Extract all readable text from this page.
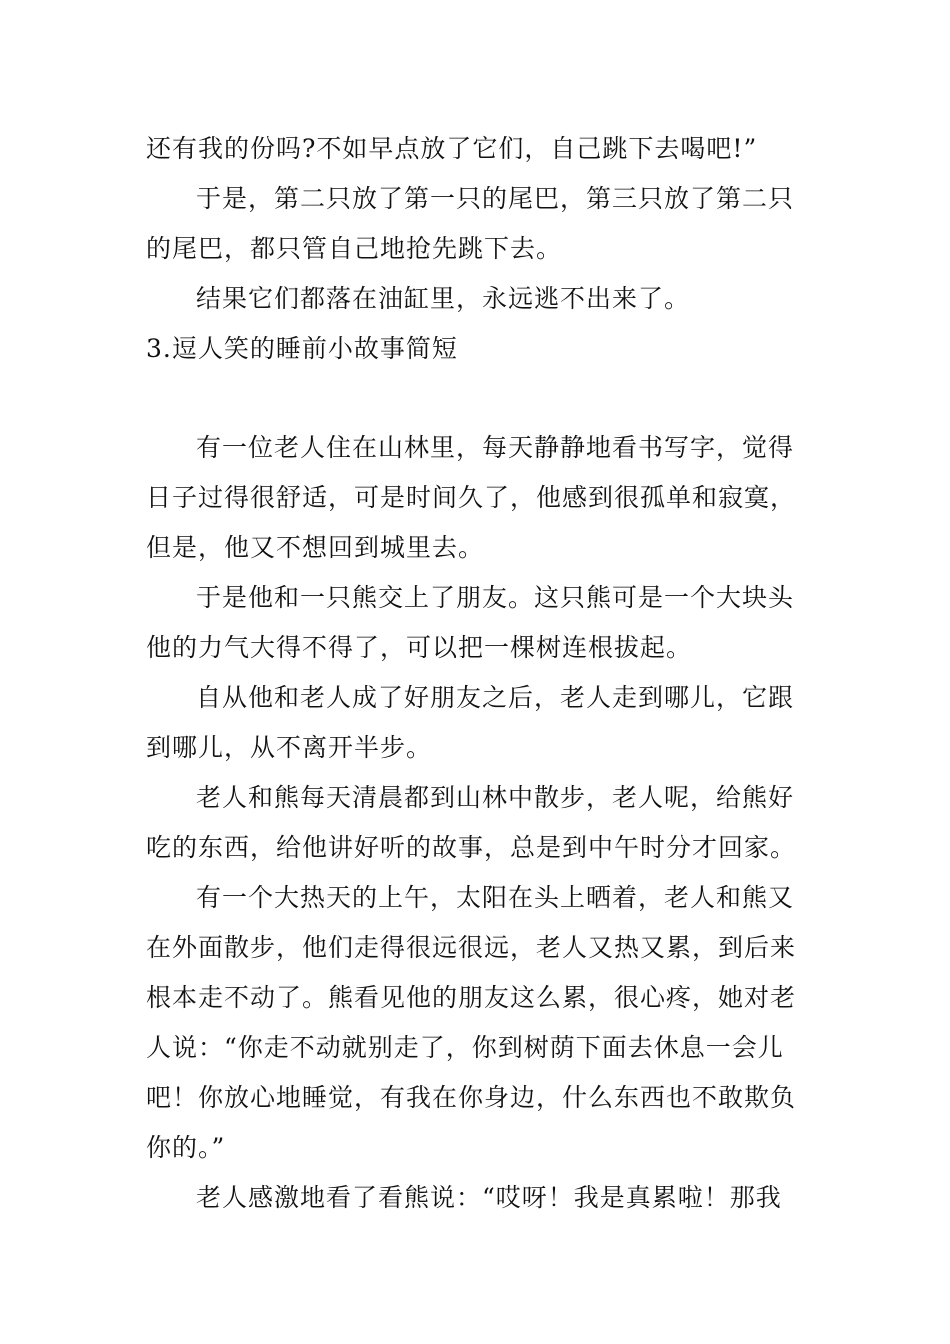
还有我的份吗?不如早点放了它们，自己跳下去喝吧!”
于是，第二只放了第一只的尾巴，第三只放了第二只
的尾巴，都只管自己地抢先跳下去。
结果它们都落在油缸里，永远逃不出来了。
3.逗人笑的睡前小故事简短
有一位老人住在山林里，每天静静地看书写字，觉得
日子过得很舒适，可是时间久了，他感到很孤单和寂寞，
但是，他又不想回到城里去。
于是他和一只熊交上了朋友。这只熊可是一个大块头
他的力气大得不得了，可以把一棵树连根拔起。
自从他和老人成了好朋友之后，老人走到哪儿，它跟
到哪儿，从不离开半步。
老人和熊每天清晨都到山林中散步，老人呢，给熊好
吃的东西，给他讲好听的故事，总是到中午时分才回家。
有一个大热天的上午，太阳在头上晒着，老人和熊又
在外面散步，他们走得很远很远，老人又热又累，到后来
根本走不动了。熊看见他的朋友这么累，很心疼，她对老
人说：“你走不动就别走了，你到树荫下面去休息一会儿
吧！你放心地睡觉，有我在你身边，什么东西也不敢欺负
你的。”
老人感激地看了看熊说：“哎呀！我是真累啦！那我
